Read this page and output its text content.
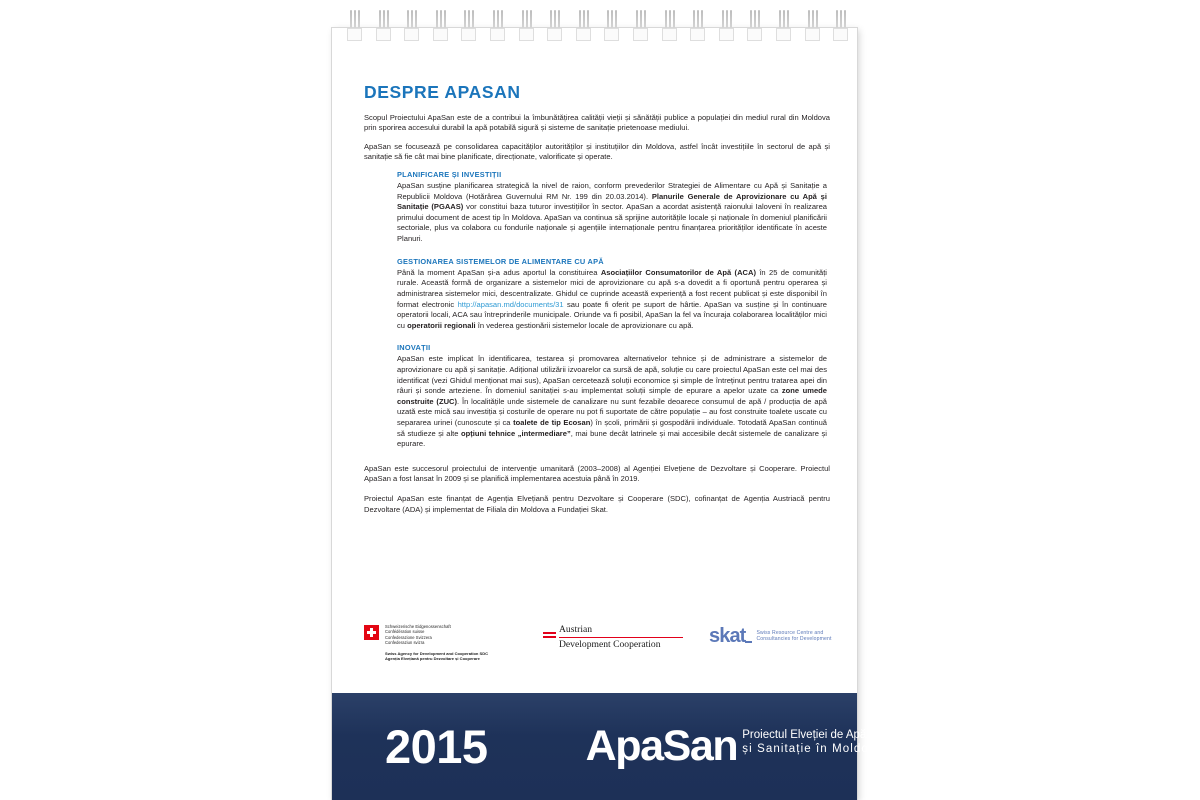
DESPRE APASAN

Scopul Proiectului ApaSan este de a contribui la îmbunătățirea calității vieții și sănătății publice a populației din mediul rural din Moldova prin sporirea accesului durabil la apă potabilă sigură și sisteme de sanitație prietenoase mediului.

ApaSan se focusează pe consolidarea capacităților autorităților și instituțiilor din Moldova, astfel încât investițiile în sectorul de apă și sanitație să fie cât mai bine planificate, direcționate, valorificate și operate.

PLANIFICARE ȘI INVESTIȚII

ApaSan susține planificarea strategică la nivel de raion, conform prevederilor Strategiei de Alimentare cu Apă și Sanitație a Republicii Moldova (Hotărârea Guvernului RM Nr. 199 din 20.03.2014). Planurile Generale de Aprovizionare cu Apă și Sanitație (PGAAS) vor constitui baza tuturor investițiilor în sector. ApaSan a acordat asistență raionului Ialoveni în realizarea primului document de acest tip în Moldova. ApaSan va continua să sprijine autoritățile locale și naționale în domeniul planificării sectoriale, plus va colabora cu fondurile naționale și agențiile internaționale pentru finanțarea priorităților identificate în aceste Planuri.

GESTIONAREA SISTEMELOR DE ALIMENTARE CU APĂ

Până la moment ApaSan și-a adus aportul la constituirea Asociațiilor Consumatorilor de Apă (ACA) în 25 de comunități rurale. Această formă de organizare a sistemelor mici de aprovizionare cu apă s-a dovedit a fi oportună pentru operarea și administrarea sistemelor mici, descentralizate. Ghidul ce cuprinde această experiență a fost recent publicat și este disponibil în format electronic http://apasan.md/documents/31 sau poate fi oferit pe suport de hârtie. ApaSan va susține și în continuare operatorii locali, ACA sau întreprinderile municipale. Oriunde va fi posibil, ApaSan la fel va încuraja colaborarea localităților mici cu operatorii regionali în vederea gestionării sistemelor locale de aprovizionare cu apă.

INOVAȚII

ApaSan este implicat în identificarea, testarea și promovarea alternativelor tehnice și de administrare a sistemelor de aprovizionare cu apă și sanitație. Adițional utilizării izvoarelor ca sursă de apă, soluție cu care proiectul ApaSan este cel mai des identificat (vezi Ghidul menționat mai sus), ApaSan cercetează soluții economice și simple de întreținut pentru tratarea apei din râuri și sonde arteziene. În domeniul sanitației s-au implementat soluții simple de epurare a apelor uzate ca zone umede construite (ZUC). În localitățile unde sistemele de canalizare nu sunt fezabile deoarece consumul de apă / producția de apă uzată este mică sau investiția și costurile de operare nu pot fi suportate de către populație – au fost construite toalete uscate cu separarea urinei (cunoscute și ca toalete de tip Ecosan) în școli, primării și gospodării individuale. Totodată ApaSan continuă să studieze și alte opțiuni tehnice „intermediare”, mai bune decât latrinele și mai accesibile decât sistemele de canalizare și epurare.

ApaSan este succesorul proiectului de intervenție umanitară (2003–2008) al Agenției Elvețiene de Dezvoltare și Cooperare. Proiectul ApaSan a fost lansat în 2009 și se planifică implementarea acestuia până în 2019.

Proiectul ApaSan este finanțat de Agenția Elvețiană pentru Dezvoltare și Cooperare (SDC), cofinanțat de Agenția Austriacă pentru Dezvoltare (ADA) și implementat de Filiala din Moldova a Fundației Skat.

Schweizerische Eidgenossenschaft
Confédération suisse
Confederazione Svizzera
Confederaziun svizra
Swiss Agency for Development and Cooperation SDC
Agenția Elvețiană pentru Dezvoltare și Cooperare
Austrian
Development Cooperation	skat Swiss Resource Centre and
Consultancies for Development
2015 ApaSan Proiectul Elveției de Apă
și Sanitație în Moldova
